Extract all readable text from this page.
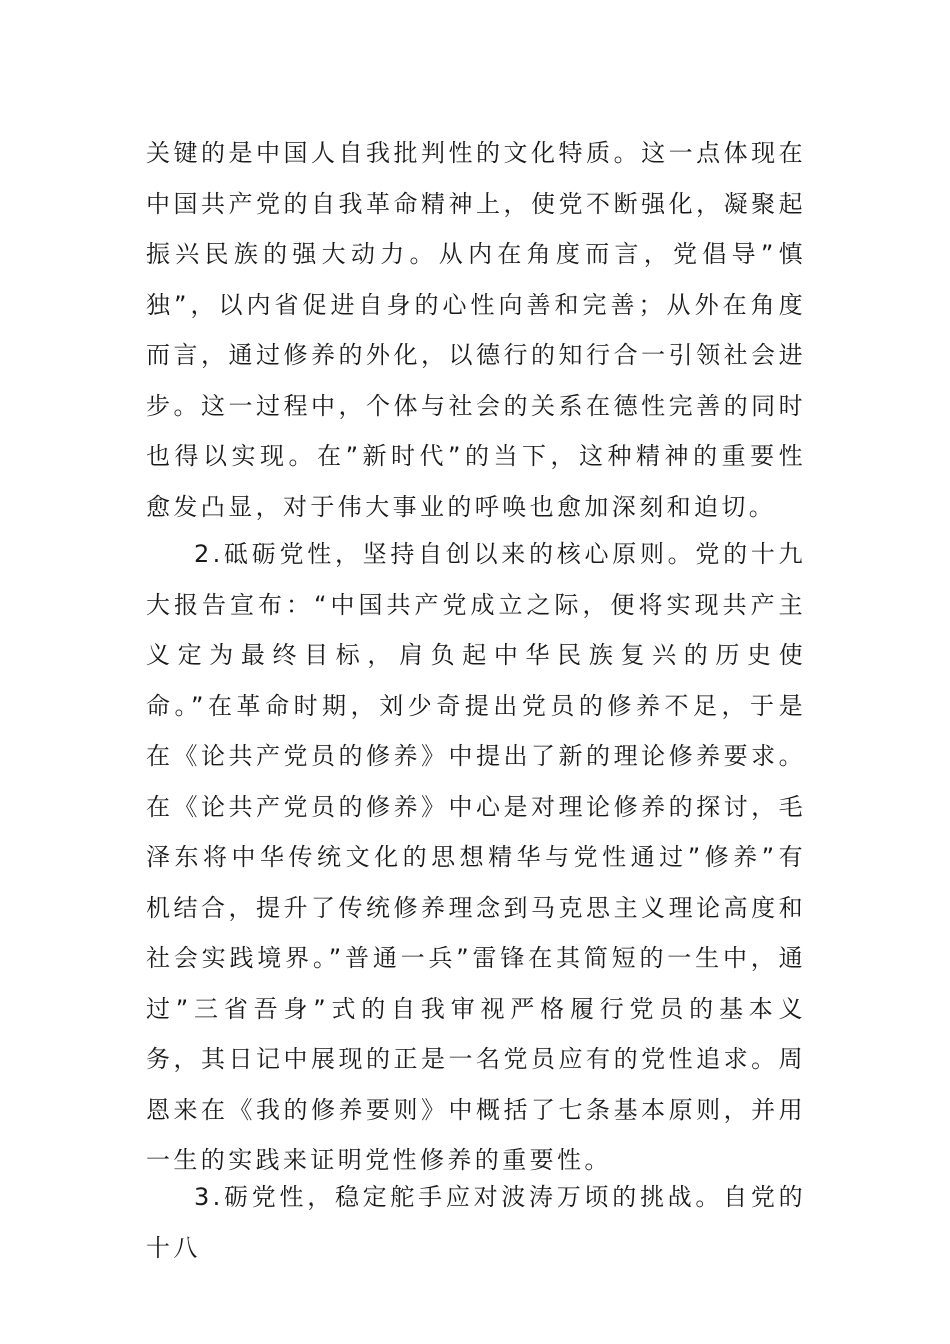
关键的是中国人自我批判性的文化特质。这一点体现在中国共产党的自我革命精神上，使党不断强化，凝聚起振兴民族的强大动力。从内在角度而言，党倡导”慎独”，以内省促进自身的心性向善和完善；从外在角度而言，通过修养的外化，以德行的知行合一引领社会进步。这一过程中，个体与社会的关系在德性完善的同时也得以实现。在”新时代”的当下，这种精神的重要性愈发凸显，对于伟大事业的呼唤也愈加深刻和迫切。

2.砥砺党性，坚持自创以来的核心原则。党的十九大报告宣布：“中国共产党成立之际，便将实现共产主义定为最终目标，肩负起中华民族复兴的历史使命。”在革命时期，刘少奇提出党员的修养不足，于是在《论共产党员的修养》中提出了新的理论修养要求。在《论共产党员的修养》中心是对理论修养的探讨，毛泽东将中华传统文化的思想精华与党性通过”修养”有机结合，提升了传统修养理念到马克思主义理论高度和社会实践境界。”普通一兵”雷锋在其简短的一生中，通过”三省吾身”式的自我审视严格履行党员的基本义务，其日记中展现的正是一名党员应有的党性追求。周恩来在《我的修养要则》中概括了七条基本原则，并用一生的实践来证明党性修养的重要性。

3.砺党性，稳定舵手应对波涛万顷的挑战。自党的十八
